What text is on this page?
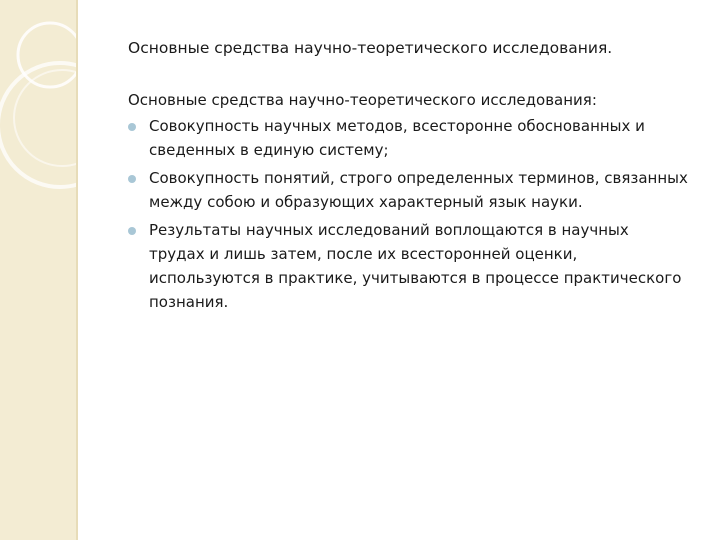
Основные средства научно-теоретического исследования.

Основные средства научно-теоретического исследования:

Совокупность научных методов, всесторонне обоснованных и сведенных в единую систему;
Совокупность понятий, строго определенных терминов, связанных между собою и образующих характерный язык науки.
Результаты научных исследований воплощаются в научных трудах и лишь затем, после их всесторонней оценки, используются в практике, учитываются в процессе практического познания.
